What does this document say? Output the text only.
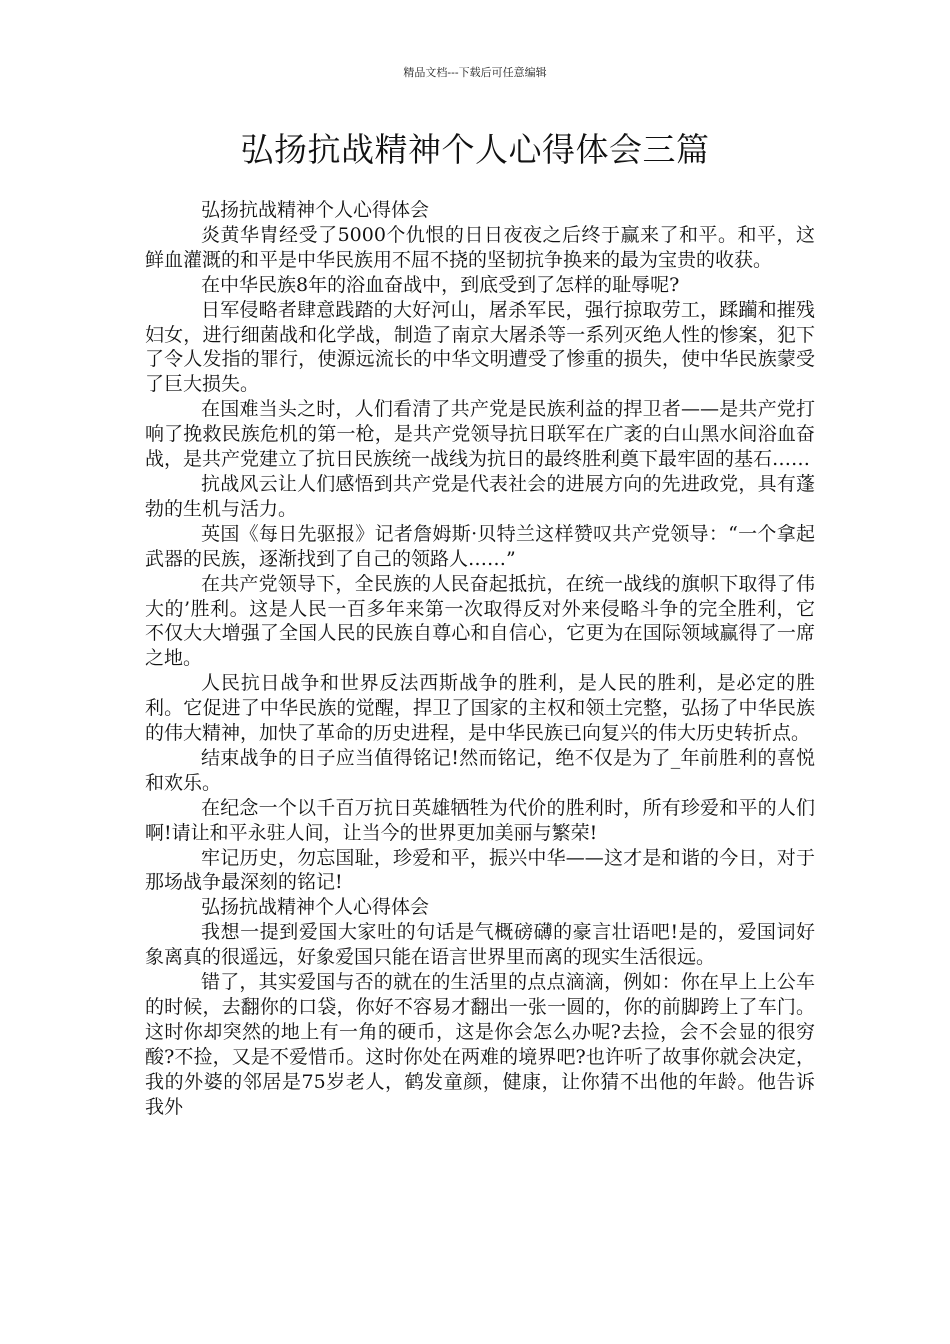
精品文档---下载后可任意编辑
弘扬抗战精神个人心得体会三篇

弘扬抗战精神个人心得体会

炎黄华胄经受了5000个仇恨的日日夜夜之后终于赢来了和平。和平，这鲜血灌溉的和平是中华民族用不屈不挠的坚韧抗争换来的最为宝贵的收获。

在中华民族8年的浴血奋战中，到底受到了怎样的耻辱呢?

日军侵略者肆意践踏的大好河山，屠杀军民，强行掠取劳工，蹂躏和摧残妇女，进行细菌战和化学战，制造了南京大屠杀等一系列灭绝人性的惨案，犯下了令人发指的罪行，使源远流长的中华文明遭受了惨重的损失，使中华民族蒙受了巨大损失。

在国难当头之时，人们看清了共产党是民族利益的捍卫者——是共产党打响了挽救民族危机的第一枪，是共产党领导抗日联军在广袤的白山黑水间浴血奋战，是共产党建立了抗日民族统一战线为抗日的最终胜利奠下最牢固的基石……

抗战风云让人们感悟到共产党是代表社会的进展方向的先进政党，具有蓬勃的生机与活力。

英国《每日先驱报》记者詹姆斯·贝特兰这样赞叹共产党领导：“一个拿起武器的民族，逐渐找到了自己的领路人……”

在共产党领导下，全民族的人民奋起抵抗，在统一战线的旗帜下取得了伟大的’胜利。这是人民一百多年来第一次取得反对外来侵略斗争的完全胜利，它不仅大大增强了全国人民的民族自尊心和自信心，它更为在国际领域赢得了一席之地。

人民抗日战争和世界反法西斯战争的胜利，是人民的胜利，是必定的胜利。它促进了中华民族的觉醒，捍卫了国家的主权和领土完整，弘扬了中华民族的伟大精神，加快了革命的历史进程，是中华民族已向复兴的伟大历史转折点。

结束战争的日子应当值得铭记!然而铭记，绝不仅是为了_年前胜利的喜悦和欢乐。

在纪念一个以千百万抗日英雄牺牲为代价的胜利时，所有珍爱和平的人们啊!请让和平永驻人间，让当今的世界更加美丽与繁荣!

牢记历史，勿忘国耻，珍爱和平，振兴中华——这才是和谐的今日，对于那场战争最深刻的铭记!

弘扬抗战精神个人心得体会

我想一提到爱国大家吐的句话是气概磅礴的豪言壮语吧!是的，爱国词好象离真的很遥远，好象爱国只能在语言世界里而离的现实生活很远。

错了，其实爱国与否的就在的生活里的点点滴滴，例如：你在早上上公车的时候，去翻你的口袋，你好不容易才翻出一张一圆的，你的前脚跨上了车门。这时你却突然的地上有一角的硬币，这是你会怎么办呢?去捡，会不会显的很穷酸?不捡，又是不爱惜币。这时你处在两难的境界吧?也许听了故事你就会决定，我的外婆的邻居是75岁老人，鹤发童颜，健康，让你猜不出他的年龄。他告诉我外
